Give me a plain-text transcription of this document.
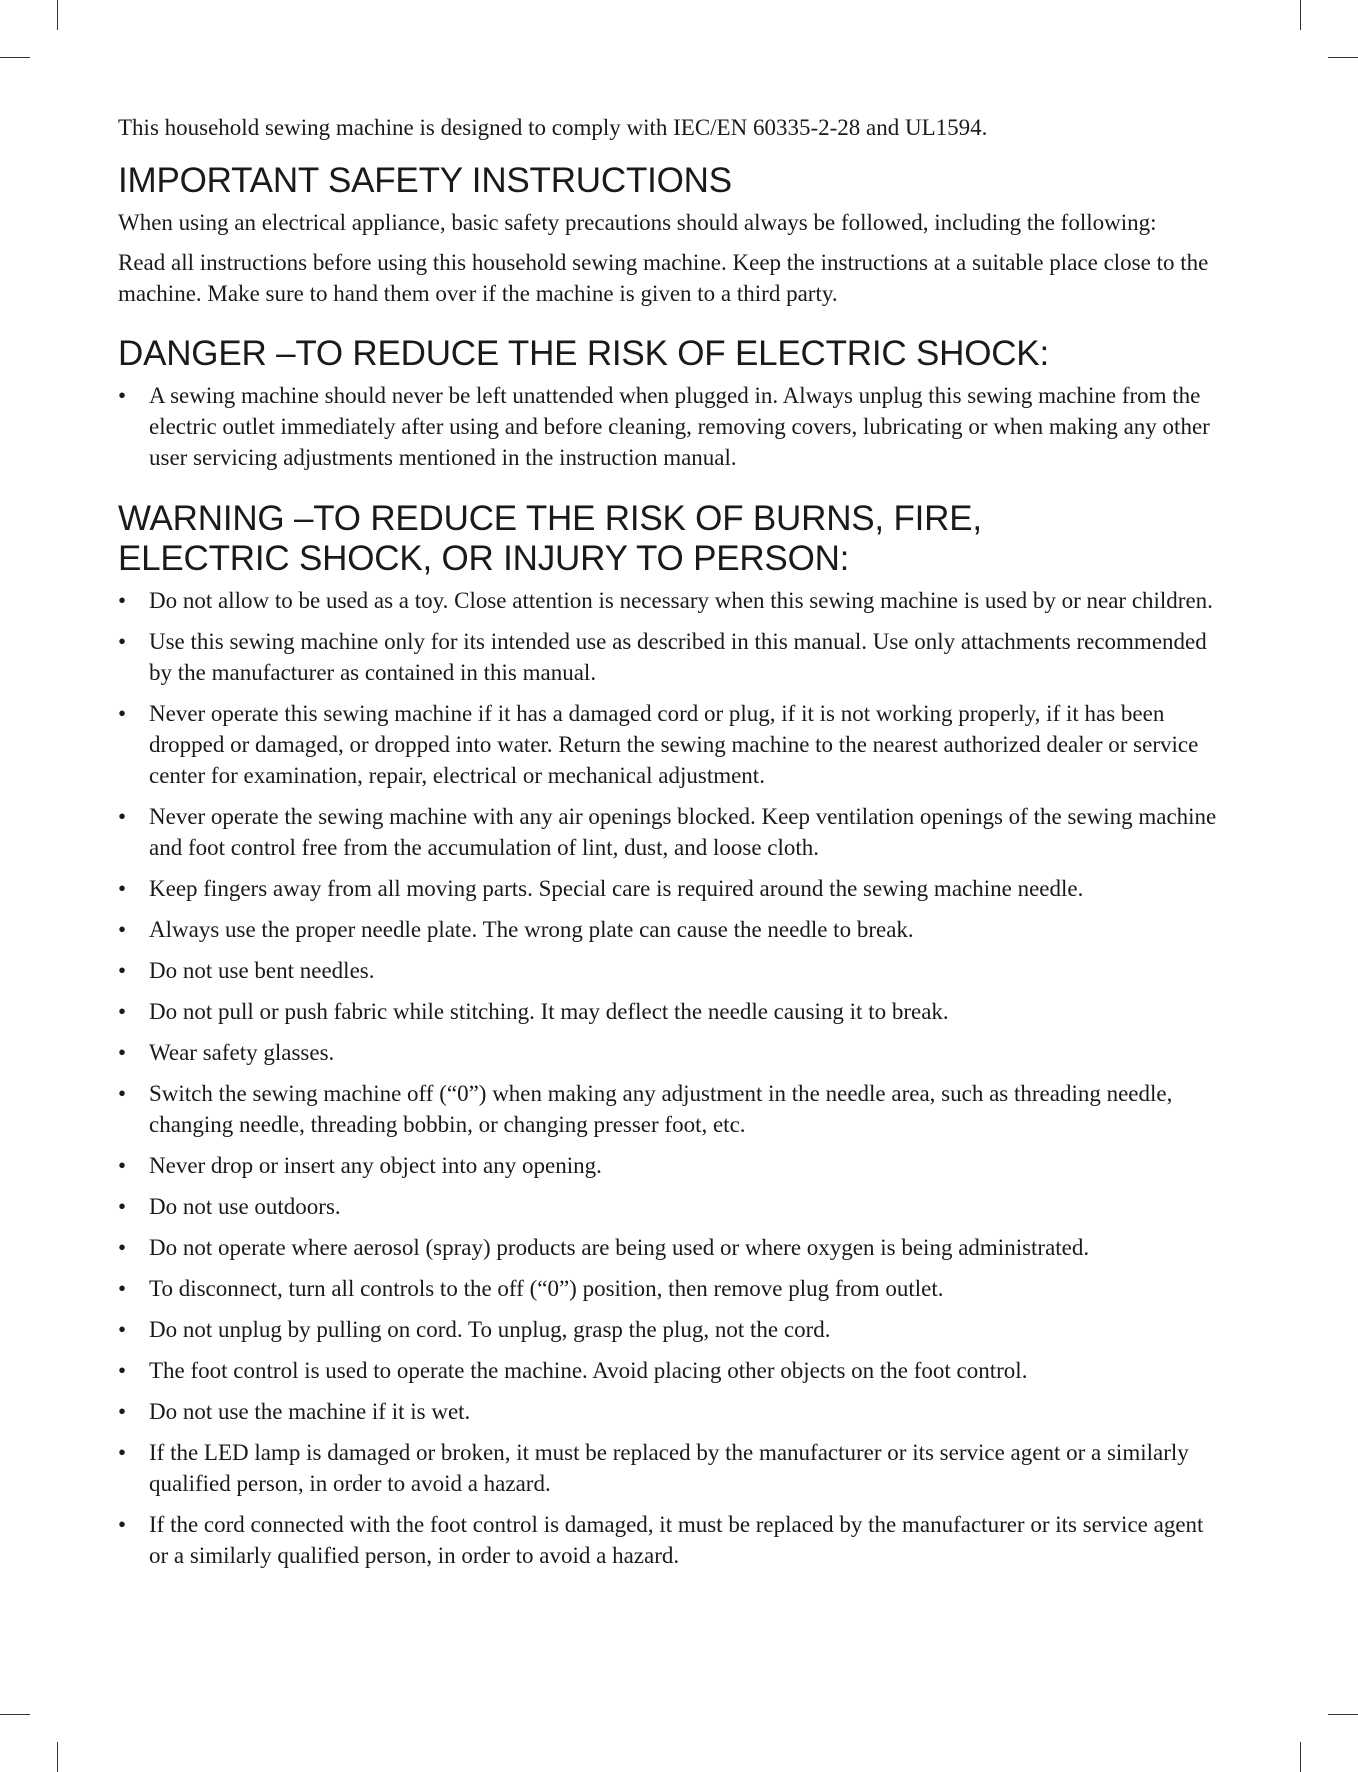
This household sewing machine is designed to comply with IEC/EN 60335-2-28 and UL1594.

IMPORTANT SAFETY INSTRUCTIONS

When using an electrical appliance, basic safety precautions should always be followed, including the following:

Read all instructions before using this household sewing machine. Keep the instructions at a suitable place close to the machine. Make sure to hand them over if the machine is given to a third party.

DANGER –TO REDUCE THE RISK OF ELECTRIC SHOCK:
• A sewing machine should never be left unattended when plugged in. Always unplug this sewing machine from the electric outlet immediately after using and before cleaning, removing covers, lubricating or when making any other user servicing adjustments mentioned in the instruction manual.
WARNING –TO REDUCE THE RISK OF BURNS, FIRE,
ELECTRIC SHOCK, OR INJURY TO PERSON:
• Do not allow to be used as a toy. Close attention is necessary when this sewing machine is used by or near children.
• Use this sewing machine only for its intended use as described in this manual. Use only attachments recommended by the manufacturer as contained in this manual.
• Never operate this sewing machine if it has a damaged cord or plug, if it is not working properly, if it has been dropped or damaged, or dropped into water. Return the sewing machine to the nearest authorized dealer or service center for examination, repair, electrical or mechanical adjustment.
• Never operate the sewing machine with any air openings blocked. Keep ventilation openings of the sewing machine and foot control free from the accumulation of lint, dust, and loose cloth.
• Keep fingers away from all moving parts. Special care is required around the sewing machine needle.
• Always use the proper needle plate. The wrong plate can cause the needle to break.
• Do not use bent needles.
• Do not pull or push fabric while stitching. It may deflect the needle causing it to break.
• Wear safety glasses.
• Switch the sewing machine off (“0”) when making any adjustment in the needle area, such as threading needle, changing needle, threading bobbin, or changing presser foot, etc.
• Never drop or insert any object into any opening.
• Do not use outdoors.
• Do not operate where aerosol (spray) products are being used or where oxygen is being administrated.
• To disconnect, turn all controls to the off (“0”) position, then remove plug from outlet.
• Do not unplug by pulling on cord. To unplug, grasp the plug, not the cord.
• The foot control is used to operate the machine. Avoid placing other objects on the foot control.
• Do not use the machine if it is wet.
• If the LED lamp is damaged or broken, it must be replaced by the manufacturer or its service agent or a similarly qualified person, in order to avoid a hazard.
• If the cord connected with the foot control is damaged, it must be replaced by the manufacturer or its service agent or a similarly qualified person, in order to avoid a hazard.
